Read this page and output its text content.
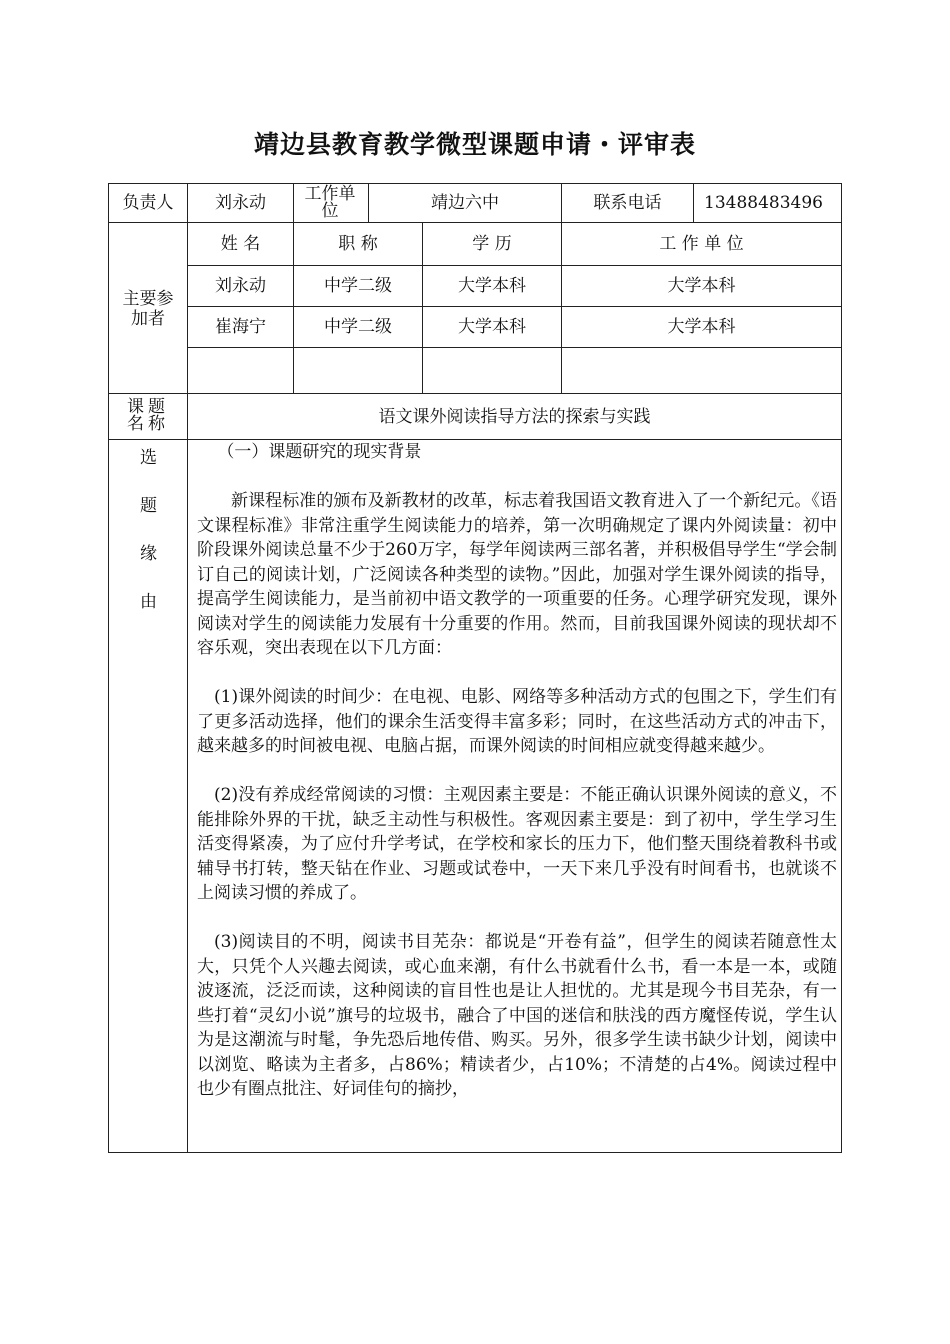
靖边县教育教学微型课题申请・评审表
负责人	刘永动	工作单位	靖边六中	联系电话	13488483496
主要参加者
姓 名	职 称	学 历	工 作 单 位
刘永动	中学二级	大学本科	大学本科
崔海宁	中学二级	大学本科	大学本科
课题名称	语文课外阅读指导方法的探索与实践
选
题
缘
由

（一）课题研究的现实背景

新课程标准的颁布及新教材的改革，标志着我国语文教育进入了一个新纪元。《语文课程标准》非常注重学生阅读能力的培养，第一次明确规定了课内外阅读量：初中阶段课外阅读总量不少于260万字，每学年阅读两三部名著，并积极倡导学生“学会制订自己的阅读计划，广泛阅读各种类型的读物。”因此，加强对学生课外阅读的指导，提高学生阅读能力，是当前初中语文教学的一项重要的任务。心理学研究发现，课外阅读对学生的阅读能力发展有十分重要的作用。然而，目前我国课外阅读的现状却不容乐观，突出表现在以下几方面：

(1)课外阅读的时间少：在电视、电影、网络等多种活动方式的包围之下，学生们有了更多活动选择，他们的课余生活变得丰富多彩；同时，在这些活动方式的冲击下，越来越多的时间被电视、电脑占据，而课外阅读的时间相应就变得越来越少。

(2)没有养成经常阅读的习惯：主观因素主要是：不能正确认识课外阅读的意义，不能排除外界的干扰，缺乏主动性与积极性。客观因素主要是：到了初中，学生学习生活变得紧凑，为了应付升学考试，在学校和家长的压力下，他们整天围绕着教科书或辅导书打转，整天钻在作业、习题或试卷中，一天下来几乎没有时间看书，也就谈不上阅读习惯的养成了。

(3)阅读目的不明，阅读书目芜杂：都说是“开卷有益”，但学生的阅读若随意性太大，只凭个人兴趣去阅读，或心血来潮，有什么书就看什么书，看一本是一本，或随波逐流，泛泛而读，这种阅读的盲目性也是让人担忧的。尤其是现今书目芜杂，有一些打着“灵幻小说”旗号的垃圾书，融合了中国的迷信和肤浅的西方魔怪传说，学生认为是这潮流与时髦，争先恐后地传借、购买。另外，很多学生读书缺少计划，阅读中以浏览、略读为主者多，占86%；精读者少，占10%；不清楚的占4%。阅读过程中也少有圈点批注、好词佳句的摘抄，
